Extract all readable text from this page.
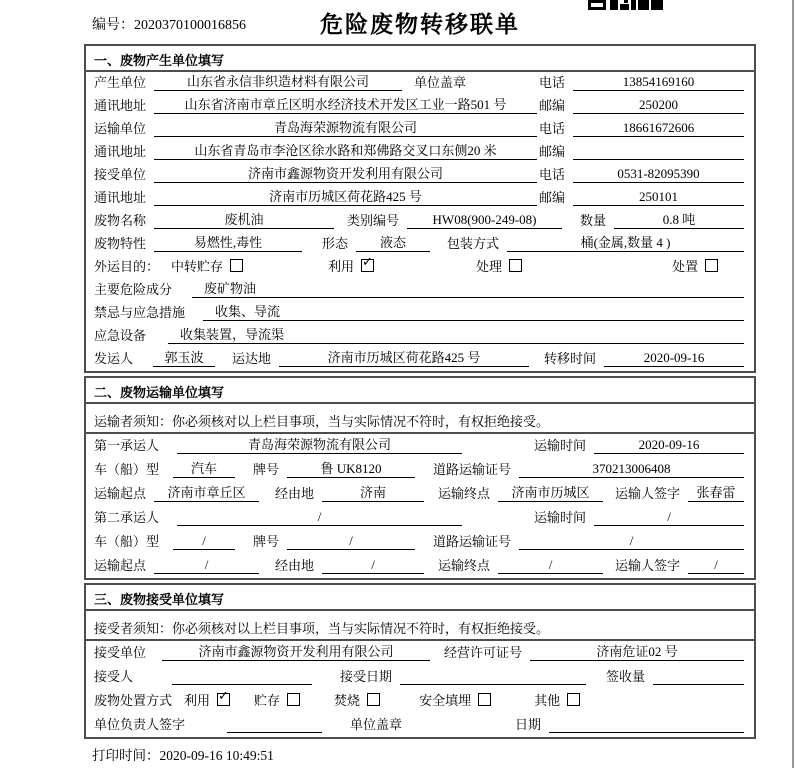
编号：2020370100016856	危险废物转移联单
一、废物产生单位填写
产生单位	山东省永信非织造材料有限公司	单位盖章	电话	13854169160
通讯地址	山东省济南市章丘区明水经济技术开发区工业一路501 号	邮编	250200
运输单位	青岛海荣源物流有限公司	电话	18661672606
通讯地址	山东省青岛市李沧区徐水路和郑佛路交叉口东侧20 米	邮编
接受单位	济南市鑫源物资开发利用有限公司	电话	0531-82095390
通讯地址	济南市历城区荷花路425 号	邮编	250101
废物名称	废机油	类别编号	HW08(900-249-08)	数量	0.8 吨
废物特性	易燃性,毒性	形态	液态	包装方式	桶(金属,数量 4 )
外运目的： 中转贮存	利用 ✓	处理	处置
主要危险成分	废矿物油
禁忌与应急措施	收集、导流
应急设备	收集装置，导流渠
发运人	郭玉波	运达地	济南市历城区荷花路425 号	转移时间	2020-09-16
二、废物运输单位填写
运输者须知：你必须核对以上栏目事项，当与实际情况不符时，有权拒绝接受。
第一承运人	青岛海荣源物流有限公司	运输时间	2020-09-16
车（船）型	汽车	牌号	鲁 UK8120	道路运输证号	370213006408
运输起点	济南市章丘区	经由地	济南	运输终点	济南市历城区	运输人签字	张春雷
第二承运人	/	运输时间	/
车（船）型	/	牌号	/	道路运输证号	/
运输起点	/	经由地	/	运输终点	/	运输人签字	/
三、废物接受单位填写
接受者须知：你必须核对以上栏目事项，当与实际情况不符时，有权拒绝接受。
接受单位	济南市鑫源物资开发利用有限公司	经营许可证号	济南危证02 号
接受人	接受日期	签收量
废物处置方式 利用 ✓ 贮存	焚烧	安全填埋	其他
单位负责人签字	单位盖章	日期
打印时间：2020-09-16 10:49:51
